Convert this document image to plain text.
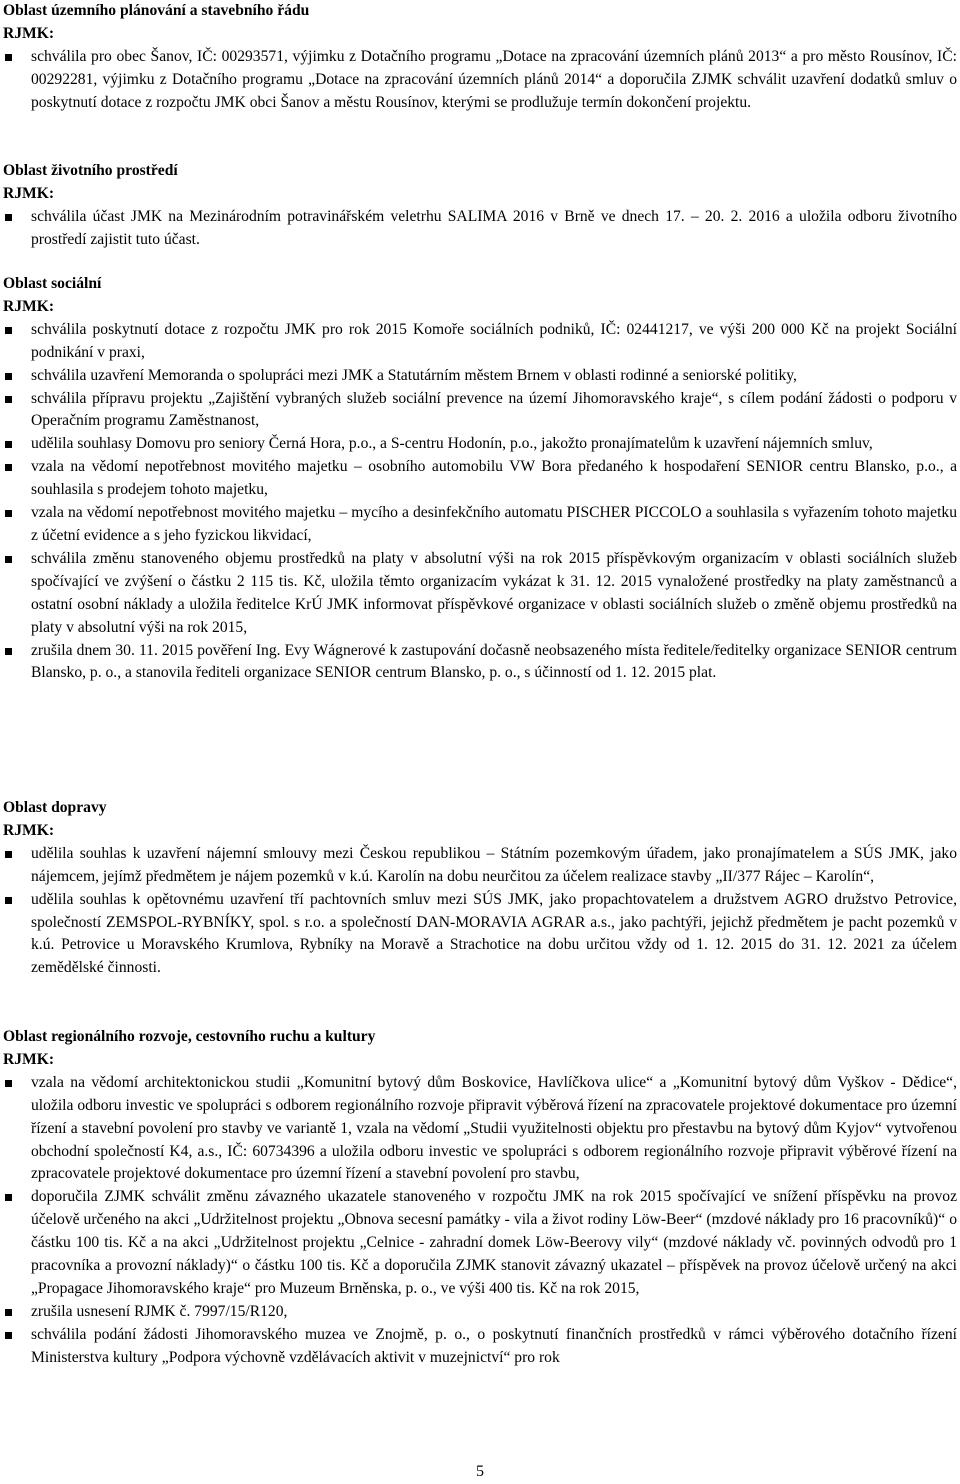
Oblast územního plánování a stavebního řádu
RJMK:
schválila pro obec Šanov, IČ: 00293571, výjimku z Dotačního programu „Dotace na zpracování územních plánů 2013“ a pro město Rousínov, IČ: 00292281, výjimku z Dotačního programu „Dotace na zpracování územních plánů 2014“ a doporučila ZJMK schválit uzavření dodatků smluv o poskytnutí dotace z rozpočtu JMK obci Šanov a městu Rousínov, kterými se prodlužuje termín dokončení projektu.
Oblast životního prostředí
RJMK:
schválila účast JMK na Mezinárodním potravinářském veletrhu SALIMA 2016 v Brně ve dnech 17. – 20. 2. 2016 a uložila odboru životního prostředí zajistit tuto účast.
Oblast sociální
RJMK:
schválila poskytnutí dotace z rozpočtu JMK pro rok 2015 Komoře sociálních podniků, IČ: 02441217, ve výši 200 000 Kč na projekt Sociální podnikání v praxi,
schválila uzavření Memoranda o spolupráci mezi JMK a Statutárním městem Brnem v oblasti rodinné a seniorské politiky,
schválila přípravu projektu „Zajištění vybraných služeb sociální prevence na území Jihomoravského kraje“, s cílem podání žádosti o podporu v Operačním programu Zaměstnanost,
udělila souhlasy Domovu pro seniory Černá Hora, p.o., a S-centru Hodonín, p.o., jakožto pronajímatelům k uzavření nájemních smluv,
vzala na vědomí nepotřebnost movitého majetku – osobního automobilu VW Bora předaného k hospodaření SENIOR centru Blansko, p.o., a souhlasila s prodejem tohoto majetku,
vzala na vědomí nepotřebnost movitého majetku – mycího a desinfekčního automatu PISCHER PICCOLO a souhlasila s vyřazením tohoto majetku z účetní evidence a s jeho fyzickou likvidací,
schválila změnu stanoveného objemu prostředků na platy v absolutní výši na rok 2015 příspěvkovým organizacím v oblasti sociálních služeb spočívající ve zvýšení o částku 2 115 tis. Kč, uložila těmto organizacím vykázat k 31. 12. 2015 vynaložené prostředky na platy zaměstnanců a ostatní osobní náklady a uložila ředitelce KrÚ JMK informovat příspěvkové organizace v oblasti sociálních služeb o změně objemu prostředků na platy v absolutní výši na rok 2015,
zrušila dnem 30. 11. 2015 pověření Ing. Evy Wágnerové k zastupování dočasně neobsazeného místa ředitele/ředitelky organizace SENIOR centrum Blansko, p. o., a stanovila řediteli organizace SENIOR centrum Blansko, p. o., s účinností od 1. 12. 2015 plat.
Oblast dopravy
RJMK:
udělila souhlas k uzavření nájemní smlouvy mezi Českou republikou – Státním pozemkovým úřadem, jako pronajímatelem a SÚS JMK, jako nájemcem, jejímž předmětem je nájem pozemků v k.ú. Karolín na dobu neurčitou za účelem realizace stavby „II/377 Rájec – Karolín“,
udělila souhlas k opětovnému uzavření tří pachtovních smluv mezi SÚS JMK, jako propachtovatelem a družstvem AGRO družstvo Petrovice, společností ZEMSPOL-RYBNÍKY, spol. s r.o. a společností DAN-MORAVIA AGRAR a.s., jako pachtýři, jejichž předmětem je pacht pozemků v k.ú. Petrovice u Moravského Krumlova, Rybníky na Moravě a Strachotice na dobu určitou vždy od 1. 12. 2015 do 31. 12. 2021 za účelem zemědělské činnosti.
Oblast regionálního rozvoje, cestovního ruchu a kultury
RJMK:
vzala na vědomí architektonickou studii „Komunitní bytový dům Boskovice, Havlíčkova ulice“ a „Komunitní bytový dům Vyškov - Dědice“, uložila odboru investic ve spolupráci s odborem regionálního rozvoje připravit výběrová řízení na zpracovatele projektové dokumentace pro územní řízení a stavební povolení pro stavby ve variantě 1, vzala na vědomí „Studii využitelnosti objektu pro přestavbu na bytový dům Kyjov“ vytvořenou obchodní společností K4, a.s., IČ: 60734396 a uložila odboru investic ve spolupráci s odborem regionálního rozvoje připravit výběrové řízení na zpracovatele projektové dokumentace pro územní řízení a stavební povolení pro stavbu,
doporučila ZJMK schválit změnu závazného ukazatele stanoveného v rozpočtu JMK na rok 2015 spočívající ve snížení příspěvku na provoz účelově určeného na akci „Udržitelnost projektu „Obnova secesní památky - vila a život rodiny Löw-Beer“ (mzdové náklady pro 16 pracovníků)“ o částku 100 tis. Kč a na akci „Udržitelnost projektu „Celnice - zahradní domek Löw-Beerovy vily“ (mzdové náklady vč. povinných odvodů pro 1 pracovníka a provozní náklady)“ o částku 100 tis. Kč a doporučila ZJMK stanovit závazný ukazatel – příspěvek na provoz účelově určený na akci „Propagace Jihomoravského kraje“ pro Muzeum Brněnska, p. o., ve výši 400 tis. Kč na rok 2015,
zrušila usnesení RJMK č. 7997/15/R120,
schválila podání žádosti Jihomoravského muzea ve Znojmě, p. o., o poskytnutí finančních prostředků v rámci výběrového dotačního řízení Ministerstva kultury „Podpora výchovně vzdělávacích aktivit v muzejnictví“ pro rok
5
